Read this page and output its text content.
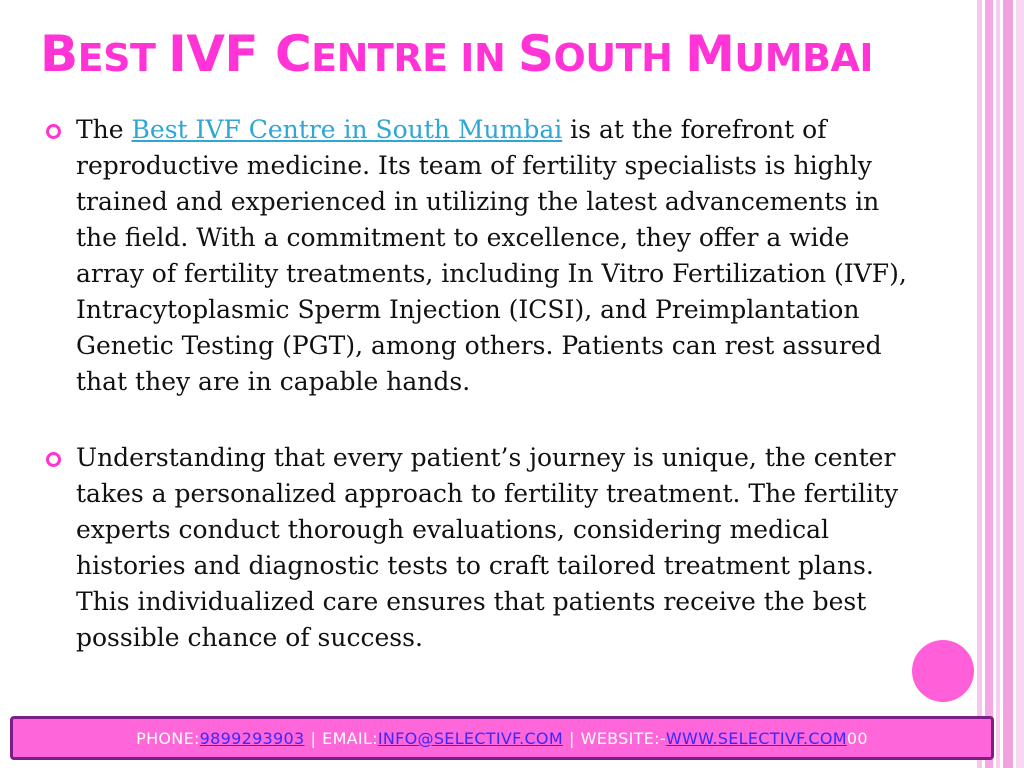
BEST IVF CENTRE IN SOUTH MUMBAI
The Best IVF Centre in South Mumbai is at the forefront of reproductive medicine. Its team of fertility specialists is highly trained and experienced in utilizing the latest advancements in the field. With a commitment to excellence, they offer a wide array of fertility treatments, including In Vitro Fertilization (IVF), Intracytoplasmic Sperm Injection (ICSI), and Preimplantation Genetic Testing (PGT), among others. Patients can rest assured that they are in capable hands.
Understanding that every patient’s journey is unique, the center takes a personalized approach to fertility treatment. The fertility experts conduct thorough evaluations, considering medical histories and diagnostic tests to craft tailored treatment plans. This individualized care ensures that patients receive the best possible chance of success.
PHONE: 9899293903 | EMAIL: INFO@SELECTIVF.COM | WEBSITE:- WWW.SELECTIVF.COM 00
